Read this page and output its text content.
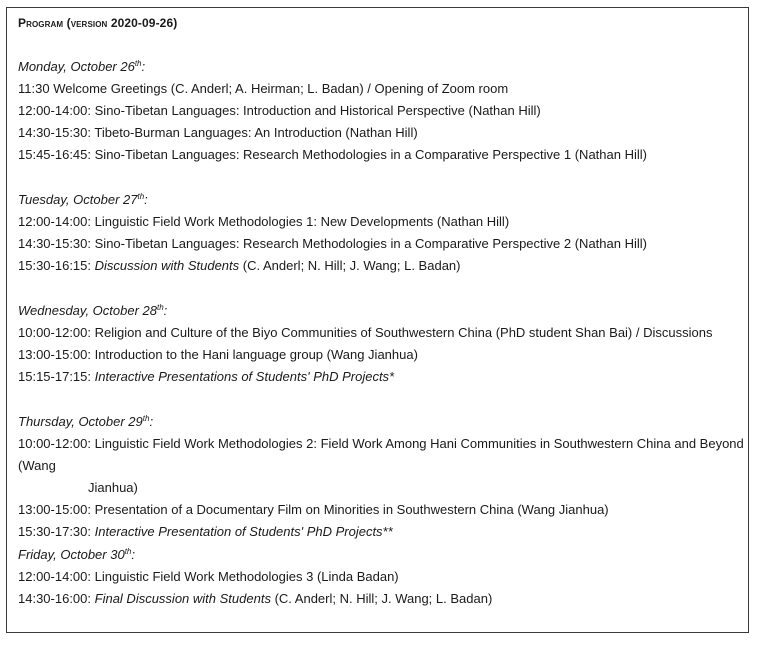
Program (version 2020-09-26)
Monday, October 26th:
11:30 Welcome Greetings (C. Anderl; A. Heirman; L. Badan) / Opening of Zoom room
12:00-14:00: Sino-Tibetan Languages: Introduction and Historical Perspective (Nathan Hill)
14:30-15:30: Tibeto-Burman Languages: An Introduction (Nathan Hill)
15:45-16:45: Sino-Tibetan Languages: Research Methodologies in a Comparative Perspective 1 (Nathan Hill)
Tuesday, October 27th:
12:00-14:00: Linguistic Field Work Methodologies 1: New Developments (Nathan Hill)
14:30-15:30: Sino-Tibetan Languages: Research Methodologies in a Comparative Perspective 2 (Nathan Hill)
15:30-16:15: Discussion with Students (C. Anderl; N. Hill; J. Wang; L. Badan)
Wednesday, October 28th:
10:00-12:00: Religion and Culture of the Biyo Communities of Southwestern China (PhD student Shan Bai) / Discussions
13:00-15:00: Introduction to the Hani language group (Wang Jianhua)
15:15-17:15: Interactive Presentations of Students' PhD Projects*
Thursday, October 29th:
10:00-12:00: Linguistic Field Work Methodologies 2: Field Work Among Hani Communities in Southwestern China and Beyond (Wang
Jianhua)
13:00-15:00: Presentation of a Documentary Film on Minorities in Southwestern China (Wang Jianhua)
15:30-17:30: Interactive Presentation of Students' PhD Projects**
Friday, October 30th:
12:00-14:00: Linguistic Field Work Methodologies 3 (Linda Badan)
14:30-16:00: Final Discussion with Students (C. Anderl; N. Hill; J. Wang; L. Badan)
